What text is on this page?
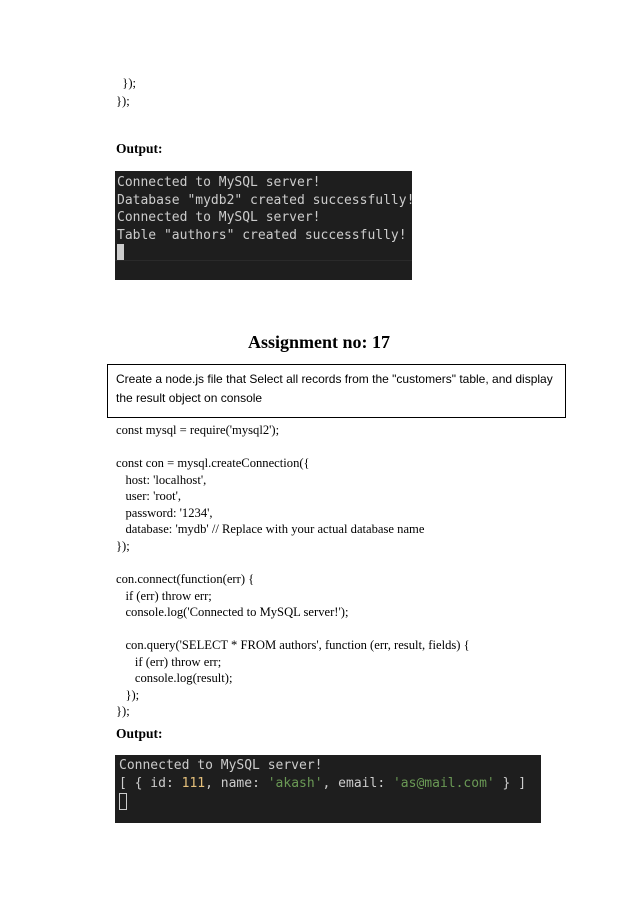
});
});
Output:
Connected to MySQL server!
Database "mydb2" created successfully!
Connected to MySQL server!
Table "authors" created successfully!
Assignment no: 17
Create a node.js file that Select all records from the "customers" table, and display
the result object on console
const mysql = require('mysql2');
const con = mysql.createConnection({
host: 'localhost',
user: 'root',
password: '1234',
database: 'mydb' // Replace with your actual database name
});
con.connect(function(err) {
if (err) throw err;
console.log('Connected to MySQL server!');
con.query('SELECT * FROM authors', function (err, result, fields) {
if (err) throw err;
console.log(result);
});
});
Output:
Connected to MySQL server!
[ { id: 111, name: 'akash', email: 'as@mail.com' } ]
